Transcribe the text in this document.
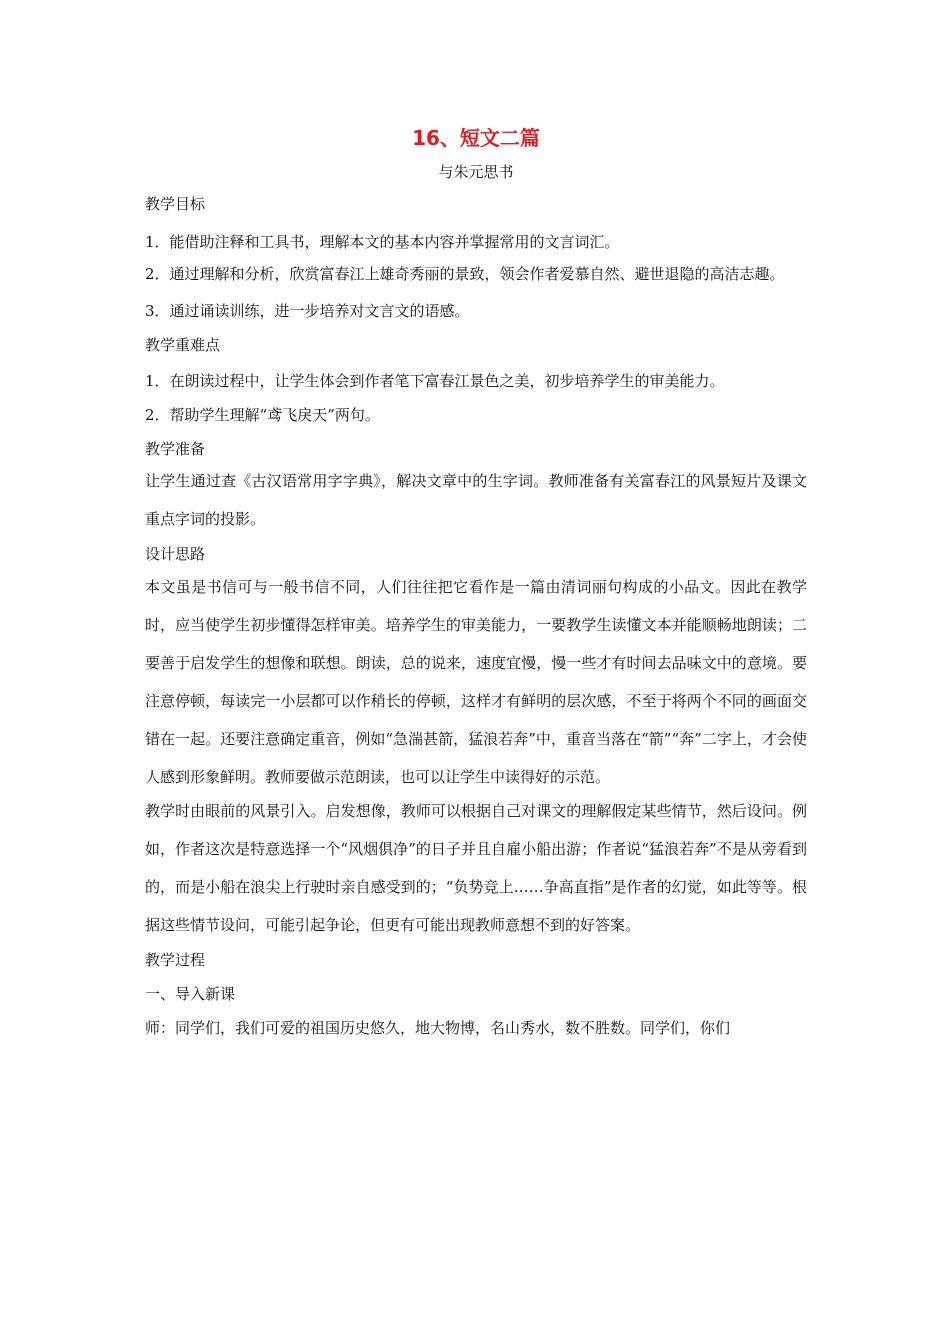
16、短文二篇
与朱元思书
教学目标
1．能借助注释和工具书，理解本文的基本内容并掌握常用的文言词汇。
2．通过理解和分析，欣赏富春江上雄奇秀丽的景致，领会作者爱慕自然、避世退隐的高洁志趣。
3．通过诵读训练，进一步培养对文言文的语感。
教学重难点
1．在朗读过程中，让学生体会到作者笔下富春江景色之美，初步培养学生的审美能力。
2．帮助学生理解“鸢飞戾天”两句。
教学准备
让学生通过查《古汉语常用字字典》，解决文章中的生字词。教师准备有关富春江的风景短片及课文重点字词的投影。
设计思路
本文虽是书信可与一般书信不同，人们往往把它看作是一篇由清词丽句构成的小品文。因此在教学时，应当使学生初步懂得怎样审美。培养学生的审美能力，一要教学生读懂文本并能顺畅地朗读；二要善于启发学生的想像和联想。朗读，总的说来，速度宜慢，慢一些才有时间去品味文中的意境。要注意停顿，每读完一小层都可以作稍长的停顿，这样才有鲜明的层次感，不至于将两个不同的画面交错在一起。还要注意确定重音，例如“急湍甚箭，猛浪若奔”中，重音当落在“箭”“奔”二字上，才会使人感到形象鲜明。教师要做示范朗读，也可以让学生中读得好的示范。
教学时由眼前的风景引入。启发想像，教师可以根据自己对课文的理解假定某些情节，然后设问。例如，作者这次是特意选择一个“风烟俱净”的日子并且自雇小船出游；作者说“猛浪若奔”不是从旁看到的，而是小船在浪尖上行驶时亲自感受到的；“负势竞上……争高直指”是作者的幻觉，如此等等。根据这些情节设问，可能引起争论，但更有可能出现教师意想不到的好答案。
教学过程
一、导入新课
师：同学们，我们可爱的祖国历史悠久，地大物博，名山秀水，数不胜数。同学们，你们
